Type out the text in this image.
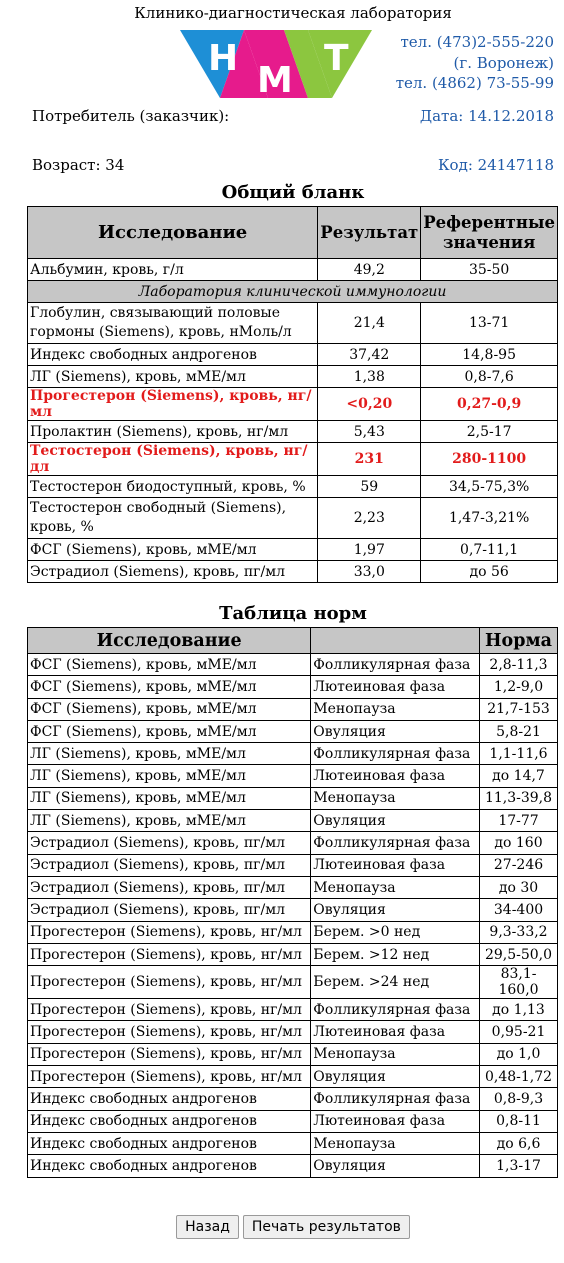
Клинико-диагностическая лаборатория
Н
М
Т	тел. (473)2-555-220
(г. Воронеж)
тел. (4862) 73-55-99
Потребитель (заказчик):	Дата: 14.12.2018
Возраст: 34	Код: 24147118
Общий бланк
Исследование	Результат	Референтные значения
Альбумин, кровь, г/л	49,2	35-50
Лаборатория клинической иммунологии		
Глобулин, связывающий половые гормоны (Siemens), кровь, нМоль/л	21,4	13-71
Индекс свободных андрогенов	37,42	14,8-95
ЛГ (Siemens), кровь, мМЕ/мл	1,38	0,8-7,6
Прогестерон (Siemens), кровь, нг/мл	<0,20	0,27-0,9
Пролактин (Siemens), кровь, нг/мл	5,43	2,5-17
Тестостерон (Siemens), кровь, нг/дл	231	280-1100
Тестостерон биодоступный, кровь, %	59	34,5-75,3%
Тестостерон свободный (Siemens), кровь, %	2,23	1,47-3,21%
ФСГ (Siemens), кровь, мМЕ/мл	1,97	0,7-11,1
Эстрадиол (Siemens), кровь, пг/мл	33,0	до 56
Таблица норм
Исследование		Норма
ФСГ (Siemens), кровь, мМЕ/мл	Фолликулярная фаза	2,8-11,3
ФСГ (Siemens), кровь, мМЕ/мл	Лютеиновая фаза	1,2-9,0
ФСГ (Siemens), кровь, мМЕ/мл	Менопауза	21,7-153
ФСГ (Siemens), кровь, мМЕ/мл	Овуляция	5,8-21
ЛГ (Siemens), кровь, мМЕ/мл	Фолликулярная фаза	1,1-11,6
ЛГ (Siemens), кровь, мМЕ/мл	Лютеиновая фаза	до 14,7
ЛГ (Siemens), кровь, мМЕ/мл	Менопауза	11,3-39,8
ЛГ (Siemens), кровь, мМЕ/мл	Овуляция	17-77
Эстрадиол (Siemens), кровь, пг/мл	Фолликулярная фаза	до 160
Эстрадиол (Siemens), кровь, пг/мл	Лютеиновая фаза	27-246
Эстрадиол (Siemens), кровь, пг/мл	Менопауза	до 30
Эстрадиол (Siemens), кровь, пг/мл	Овуляция	34-400
Прогестерон (Siemens), кровь, нг/мл	Берем. >0 нед	9,3-33,2
Прогестерон (Siemens), кровь, нг/мл	Берем. >12 нед	29,5-50,0
Прогестерон (Siemens), кровь, нг/мл	Берем. >24 нед	83,1-160,0
Прогестерон (Siemens), кровь, нг/мл	Фолликулярная фаза	до 1,13
Прогестерон (Siemens), кровь, нг/мл	Лютеиновая фаза	0,95-21
Прогестерон (Siemens), кровь, нг/мл	Менопауза	до 1,0
Прогестерон (Siemens), кровь, нг/мл	Овуляция	0,48-1,72
Индекс свободных андрогенов	Фолликулярная фаза	0,8-9,3
Индекс свободных андрогенов	Лютеиновая фаза	0,8-11
Индекс свободных андрогенов	Менопауза	до 6,6
Индекс свободных андрогенов	Овуляция	1,3-17
Назад Печать результатов
